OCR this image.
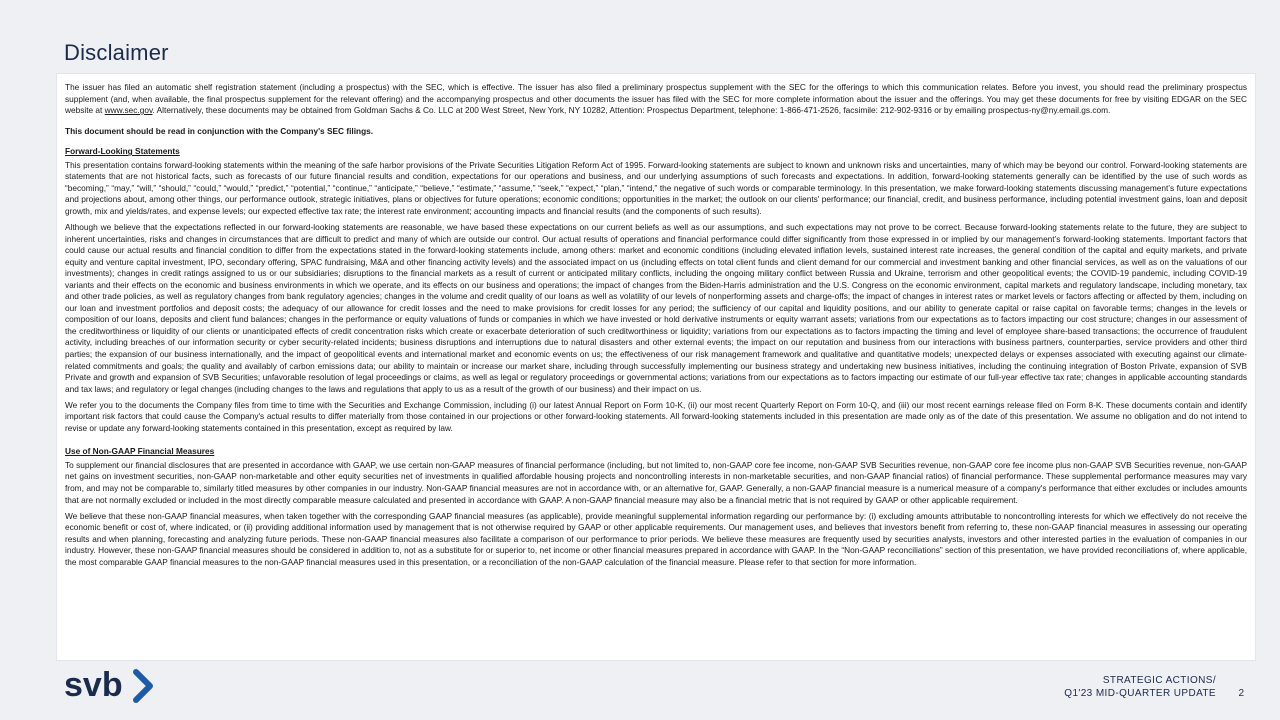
Disclaimer

The issuer has filed an automatic shelf registration statement (including a prospectus) with the SEC, which is effective. The issuer has also filed a preliminary prospectus supplement with the SEC for the offerings to which this communication relates. Before you invest, you should read the preliminary prospectus supplement (and, when available, the final prospectus supplement for the relevant offering) and the accompanying prospectus and other documents the issuer has filed with the SEC for more complete information about the issuer and the offerings. You may get these documents for free by visiting EDGAR on the SEC website at www.sec.gov. Alternatively, these documents may be obtained from Goldman Sachs & Co. LLC at 200 West Street, New York, NY 10282, Attention: Prospectus Department, telephone: 1-866-471-2526, facsimile: 212-902-9316 or by emailing prospectus-ny@ny.email.gs.com.

This document should be read in conjunction with the Company's SEC filings.

Forward-Looking Statements

This presentation contains forward-looking statements within the meaning of the safe harbor provisions of the Private Securities Litigation Reform Act of 1995. Forward-looking statements are subject to known and unknown risks and uncertainties, many of which may be beyond our control. Forward-looking statements are statements that are not historical facts, such as forecasts of our future financial results and condition, expectations for our operations and business, and our underlying assumptions of such forecasts and expectations. In addition, forward-looking statements generally can be identified by the use of such words as “becoming,” “may,” “will,” “should,” “could,” “would,” “predict,” “potential,” “continue,” “anticipate,” “believe,” “estimate,” “assume,” “seek,” “expect,” “plan,” “intend,” the negative of such words or comparable terminology. In this presentation, we make forward-looking statements discussing management’s future expectations and projections about, among other things, our performance outlook, strategic initiatives, plans or objectives for future operations; economic conditions; opportunities in the market; the outlook on our clients' performance; our financial, credit, and business performance, including potential investment gains, loan and deposit growth, mix and yields/rates, and expense levels; our expected effective tax rate; the interest rate environment; accounting impacts and financial results (and the components of such results).

Although we believe that the expectations reflected in our forward-looking statements are reasonable, we have based these expectations on our current beliefs as well as our assumptions, and such expectations may not prove to be correct. Because forward-looking statements relate to the future, they are subject to inherent uncertainties, risks and changes in circumstances that are difficult to predict and many of which are outside our control. Our actual results of operations and financial performance could differ significantly from those expressed in or implied by our management’s forward-looking statements. Important factors that could cause our actual results and financial condition to differ from the expectations stated in the forward-looking statements include, among others: market and economic conditions (including elevated inflation levels, sustained interest rate increases, the general condition of the capital and equity markets, and private equity and venture capital investment, IPO, secondary offering, SPAC fundraising, M&A and other financing activity levels) and the associated impact on us (including effects on total client funds and client demand for our commercial and investment banking and other financial services, as well as on the valuations of our investments); changes in credit ratings assigned to us or our subsidiaries; disruptions to the financial markets as a result of current or anticipated military conflicts, including the ongoing military conflict between Russia and Ukraine, terrorism and other geopolitical events; the COVID-19 pandemic, including COVID-19 variants and their effects on the economic and business environments in which we operate, and its effects on our business and operations; the impact of changes from the Biden-Harris administration and the U.S. Congress on the economic environment, capital markets and regulatory landscape, including monetary, tax and other trade policies, as well as regulatory changes from bank regulatory agencies; changes in the volume and credit quality of our loans as well as volatility of our levels of nonperforming assets and charge-offs; the impact of changes in interest rates or market levels or factors affecting or affected by them, including on our loan and investment portfolios and deposit costs; the adequacy of our allowance for credit losses and the need to make provisions for credit losses for any period; the sufficiency of our capital and liquidity positions, and our ability to generate capital or raise capital on favorable terms; changes in the levels or composition of our loans, deposits and client fund balances; changes in the performance or equity valuations of funds or companies in which we have invested or hold derivative instruments or equity warrant assets; variations from our expectations as to factors impacting our cost structure; changes in our assessment of the creditworthiness or liquidity of our clients or unanticipated effects of credit concentration risks which create or exacerbate deterioration of such creditworthiness or liquidity; variations from our expectations as to factors impacting the timing and level of employee share-based transactions; the occurrence of fraudulent activity, including breaches of our information security or cyber security-related incidents; business disruptions and interruptions due to natural disasters and other external events; the impact on our reputation and business from our interactions with business partners, counterparties, service providers and other third parties; the expansion of our business internationally, and the impact of geopolitical events and international market and economic events on us; the effectiveness of our risk management framework and qualitative and quantitative models; unexpected delays or expenses associated with executing against our climate-related commitments and goals; the quality and availably of carbon emissions data; our ability to maintain or increase our market share, including through successfully implementing our business strategy and undertaking new business initiatives, including the continuing integration of Boston Private, expansion of SVB Private and growth and expansion of SVB Securities; unfavorable resolution of legal proceedings or claims, as well as legal or regulatory proceedings or governmental actions; variations from our expectations as to factors impacting our estimate of our full-year effective tax rate; changes in applicable accounting standards and tax laws; and regulatory or legal changes (including changes to the laws and regulations that apply to us as a result of the growth of our business) and their impact on us.

We refer you to the documents the Company files from time to time with the Securities and Exchange Commission, including (i) our latest Annual Report on Form 10-K, (ii) our most recent Quarterly Report on Form 10-Q, and (iii) our most recent earnings release filed on Form 8-K. These documents contain and identify important risk factors that could cause the Company's actual results to differ materially from those contained in our projections or other forward-looking statements. All forward-looking statements included in this presentation are made only as of the date of this presentation. We assume no obligation and do not intend to revise or update any forward-looking statements contained in this presentation, except as required by law.

Use of Non-GAAP Financial Measures

To supplement our financial disclosures that are presented in accordance with GAAP, we use certain non-GAAP measures of financial performance (including, but not limited to, non-GAAP core fee income, non-GAAP SVB Securities revenue, non-GAAP core fee income plus non-GAAP SVB Securities revenue, non-GAAP net gains on investment securities, non-GAAP non-marketable and other equity securities net of investments in qualified affordable housing projects and noncontrolling interests in non-marketable securities, and non-GAAP financial ratios) of financial performance. These supplemental performance measures may vary from, and may not be comparable to, similarly titled measures by other companies in our industry. Non-GAAP financial measures are not in accordance with, or an alternative for, GAAP. Generally, a non-GAAP financial measure is a numerical measure of a company's performance that either excludes or includes amounts that are not normally excluded or included in the most directly comparable measure calculated and presented in accordance with GAAP. A non-GAAP financial measure may also be a financial metric that is not required by GAAP or other applicable requirement.

We believe that these non-GAAP financial measures, when taken together with the corresponding GAAP financial measures (as applicable), provide meaningful supplemental information regarding our performance by: (i) excluding amounts attributable to noncontrolling interests for which we effectively do not receive the economic benefit or cost of, where indicated, or (ii) providing additional information used by management that is not otherwise required by GAAP or other applicable requirements. Our management uses, and believes that investors benefit from referring to, these non-GAAP financial measures in assessing our operating results and when planning, forecasting and analyzing future periods. These non-GAAP financial measures also facilitate a comparison of our performance to prior periods. We believe these measures are frequently used by securities analysts, investors and other interested parties in the evaluation of companies in our industry. However, these non-GAAP financial measures should be considered in addition to, not as a substitute for or superior to, net income or other financial measures prepared in accordance with GAAP. In the “Non-GAAP reconciliations” section of this presentation, we have provided reconciliations of, where applicable, the most comparable GAAP financial measures to the non-GAAP financial measures used in this presentation, or a reconciliation of the non-GAAP calculation of the financial measure. Please refer to that section for more information.

svb	STRATEGIC ACTIONS/
Q1'23 MID-QUARTER UPDATE 2
